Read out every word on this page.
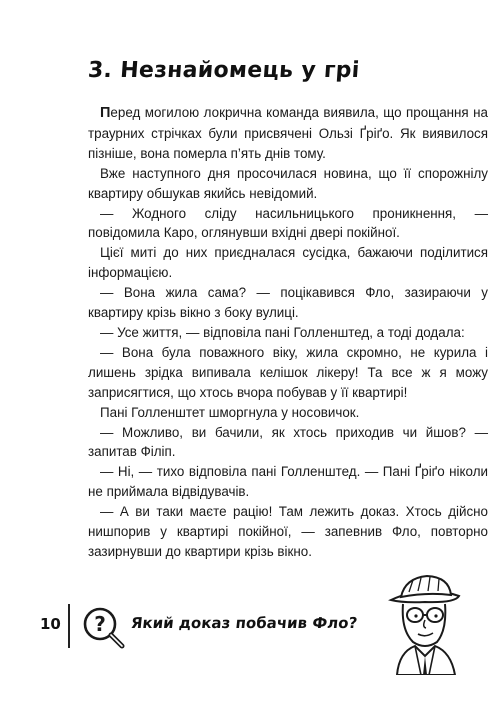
3. Незнайомець у грі

Перед могилою локрична команда виявила, що прощання на траурних стрічках були присвячені Ользі Ґріґо. Як виявилося пізніше, вона померла п’ять днів тому.

Вже наступного дня просочилася новина, що її спорожнілу квартиру обшукав якийсь невідомий.

— Жодного сліду насильницького проникнення, — повідомила Каро, оглянувши вхідні двері покійної.

Цієї миті до них приєдналася сусідка, бажаючи поділитися інформацією.

— Вона жила сама? — поцікавився Фло, зазираючи у квартиру крізь вікно з боку вулиці.

— Усе життя, — відповіла пані Голленштед, а тоді додала:

— Вона була поважного віку, жила скромно, не курила і лишень зрідка випивала келішок лікеру! Та все ж я можу заприсягтися, що хтось вчора побував у її квартирі!

Пані Голленштет шморгнула у носовичок.

— Можливо, ви бачили, як хтось приходив чи йшов? — запитав Філіп.

— Ні, — тихо відповіла пані Голленштед. — Пані Ґріґо ніколи не приймала відвідувачів.

— А ви таки маєте рацію! Там лежить доказ. Хтось дійсно нишпорив у квартирі покійної, — запевнив Фло, повторно зазирнувши до квартири крізь вікно.

10 ? Який доказ побачив Фло?
